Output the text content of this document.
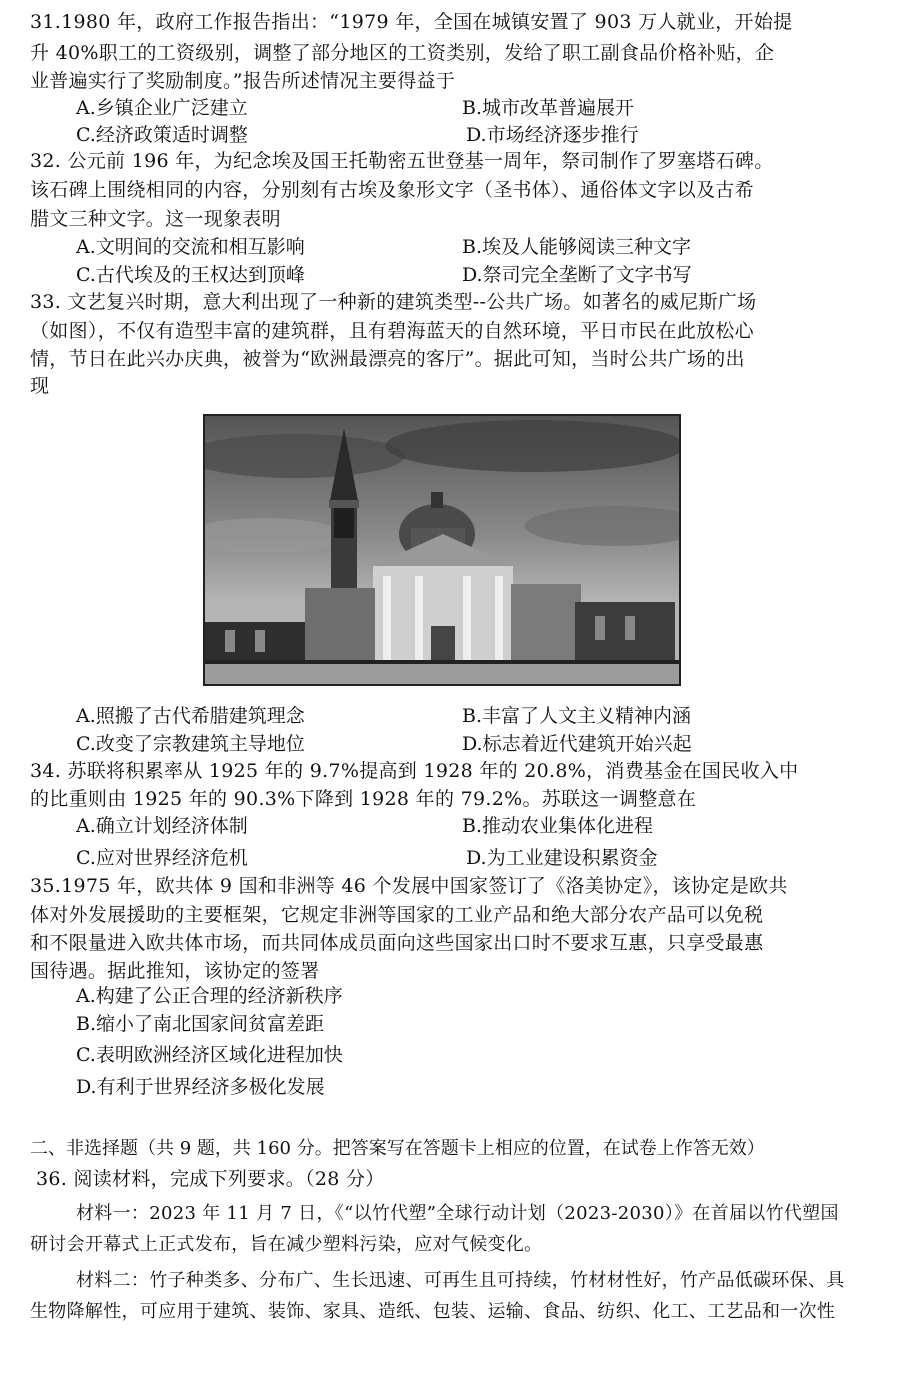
31.1980 年，政府工作报告指出：“1979 年，全国在城镇安置了 903 万人就业，开始提
升 40%职工的工资级别，调整了部分地区的工资类别，发给了职工副食品价格补贴，企
业普遍实行了奖励制度。”报告所述情况主要得益于
A.乡镇企业广泛建立	B.城市改革普遍展开
C.经济政策适时调整	D.市场经济逐步推行
32. 公元前 196 年，为纪念埃及国王托勒密五世登基一周年，祭司制作了罗塞塔石碑。
该石碑上围绕相同的内容，分别刻有古埃及象形文字（圣书体）、通俗体文字以及古希
腊文三种文字。这一现象表明
A.文明间的交流和相互影响	B.埃及人能够阅读三种文字
C.古代埃及的王权达到顶峰	D.祭司完全垄断了文字书写
33. 文艺复兴时期，意大利出现了一种新的建筑类型--公共广场。如著名的威尼斯广场
（如图），不仅有造型丰富的建筑群，且有碧海蓝天的自然环境，平日市民在此放松心
情，节日在此兴办庆典，被誉为“欧洲最漂亮的客厅”。据此可知，当时公共广场的出
现
A.照搬了古代希腊建筑理念	B.丰富了人文主义精神内涵
C.改变了宗教建筑主导地位	D.标志着近代建筑开始兴起
34. 苏联将积累率从 1925 年的 9.7%提高到 1928 年的 20.8%，消费基金在国民收入中
的比重则由 1925 年的 90.3%下降到 1928 年的 79.2%。苏联这一调整意在
A.确立计划经济体制	B.推动农业集体化进程
C.应对世界经济危机	D.为工业建设积累资金
35.1975 年，欧共体 9 国和非洲等 46 个发展中国家签订了《洛美协定》，该协定是欧共
体对外发展援助的主要框架，它规定非洲等国家的工业产品和绝大部分农产品可以免税
和不限量进入欧共体市场，而共同体成员面向这些国家出口时不要求互惠，只享受最惠
国待遇。据此推知，该协定的签署
A.构建了公正合理的经济新秩序
B.缩小了南北国家间贫富差距
C.表明欧洲经济区域化进程加快
D.有利于世界经济多极化发展
二、非选择题（共 9 题，共 160 分。把答案写在答题卡上相应的位置，在试卷上作答无效）
36. 阅读材料，完成下列要求。（28 分）
材料一：2023 年 11 月 7 日，《“以竹代塑”全球行动计划（2023-2030）》在首届以竹代塑国
研讨会开幕式上正式发布，旨在减少塑料污染，应对气候变化。
材料二：竹子种类多、分布广、生长迅速、可再生且可持续，竹材材性好，竹产品低碳环保、具
生物降解性，可应用于建筑、装饰、家具、造纸、包装、运输、食品、纺织、化工、工艺品和一次性
